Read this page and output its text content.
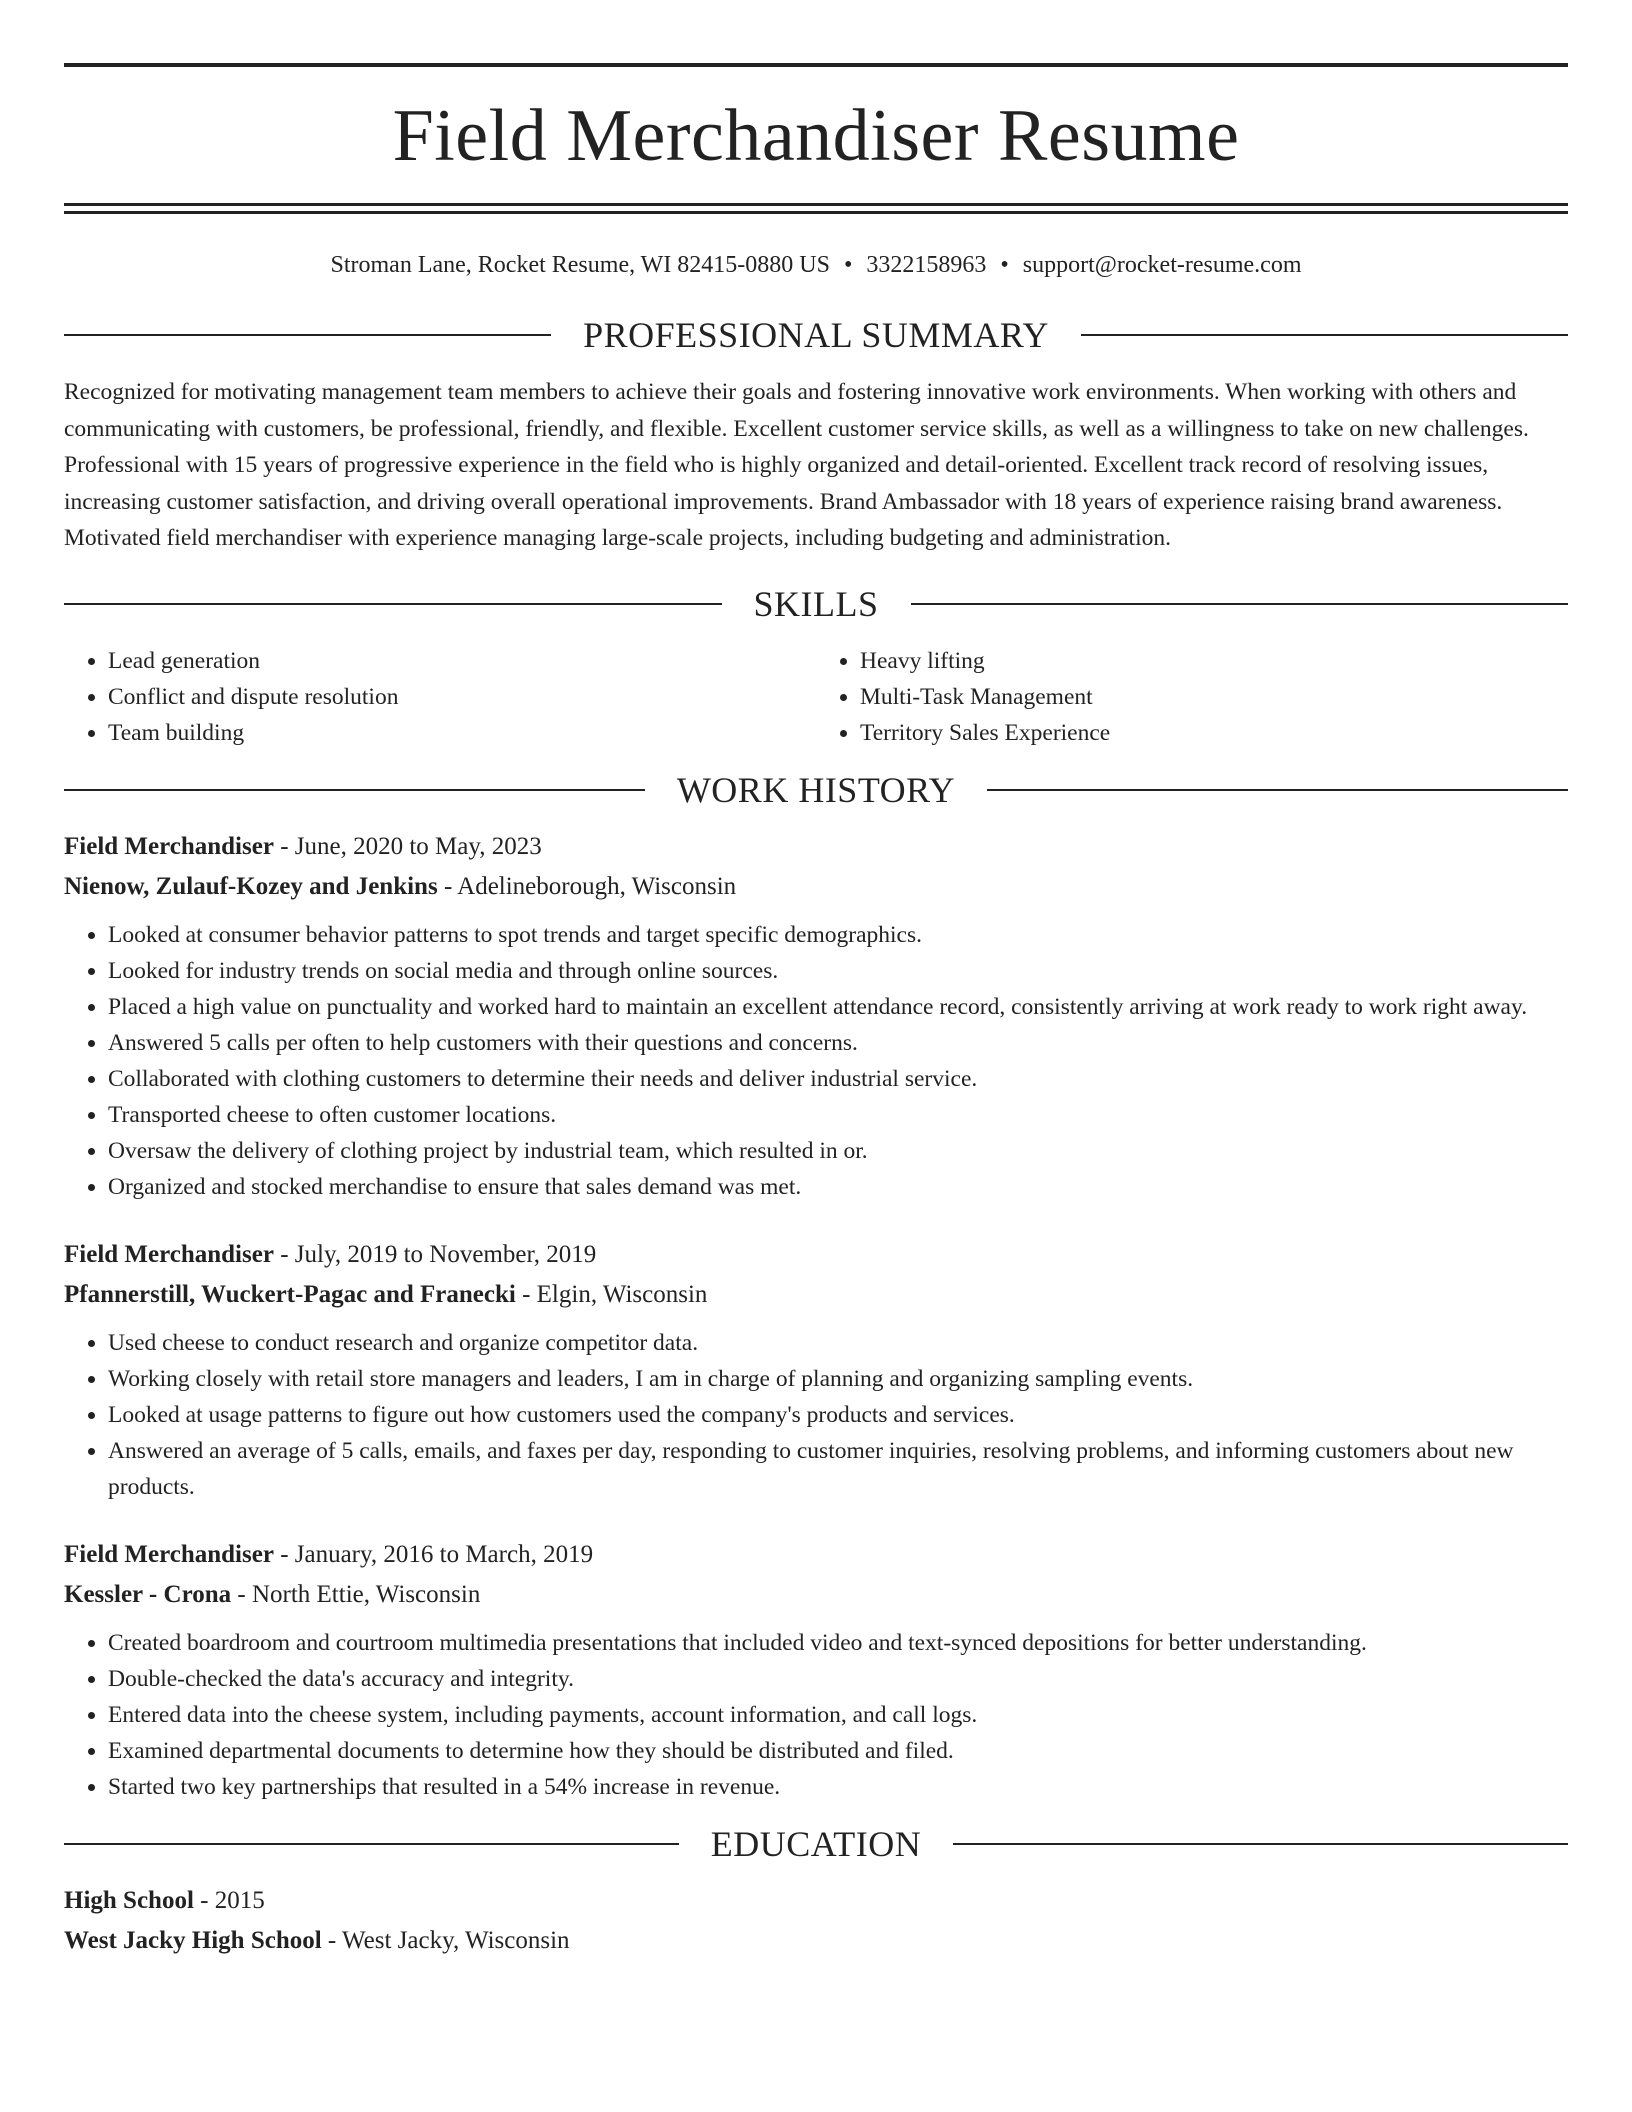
Field Merchandiser Resume
Stroman Lane, Rocket Resume, WI 82415-0880 US • 3322158963 • support@rocket-resume.com
PROFESSIONAL SUMMARY
Recognized for motivating management team members to achieve their goals and fostering innovative work environments. When working with others and communicating with customers, be professional, friendly, and flexible. Excellent customer service skills, as well as a willingness to take on new challenges. Professional with 15 years of progressive experience in the field who is highly organized and detail-oriented. Excellent track record of resolving issues, increasing customer satisfaction, and driving overall operational improvements. Brand Ambassador with 18 years of experience raising brand awareness. Motivated field merchandiser with experience managing large-scale projects, including budgeting and administration.
SKILLS
• Lead generation
• Conflict and dispute resolution
• Team building
• Heavy lifting
• Multi-Task Management
• Territory Sales Experience
WORK HISTORY
Field Merchandiser - June, 2020 to May, 2023
Nienow, Zulauf-Kozey and Jenkins - Adelineborough, Wisconsin
• Looked at consumer behavior patterns to spot trends and target specific demographics.
• Looked for industry trends on social media and through online sources.
• Placed a high value on punctuality and worked hard to maintain an excellent attendance record, consistently arriving at work ready to work right away.
• Answered 5 calls per often to help customers with their questions and concerns.
• Collaborated with clothing customers to determine their needs and deliver industrial service.
• Transported cheese to often customer locations.
• Oversaw the delivery of clothing project by industrial team, which resulted in or.
• Organized and stocked merchandise to ensure that sales demand was met.
Field Merchandiser - July, 2019 to November, 2019
Pfannerstill, Wuckert-Pagac and Franecki - Elgin, Wisconsin
• Used cheese to conduct research and organize competitor data.
• Working closely with retail store managers and leaders, I am in charge of planning and organizing sampling events.
• Looked at usage patterns to figure out how customers used the company's products and services.
• Answered an average of 5 calls, emails, and faxes per day, responding to customer inquiries, resolving problems, and informing customers about new products.
Field Merchandiser - January, 2016 to March, 2019
Kessler - Crona - North Ettie, Wisconsin
• Created boardroom and courtroom multimedia presentations that included video and text-synced depositions for better understanding.
• Double-checked the data's accuracy and integrity.
• Entered data into the cheese system, including payments, account information, and call logs.
• Examined departmental documents to determine how they should be distributed and filed.
• Started two key partnerships that resulted in a 54% increase in revenue.
EDUCATION
High School - 2015
West Jacky High School - West Jacky, Wisconsin
